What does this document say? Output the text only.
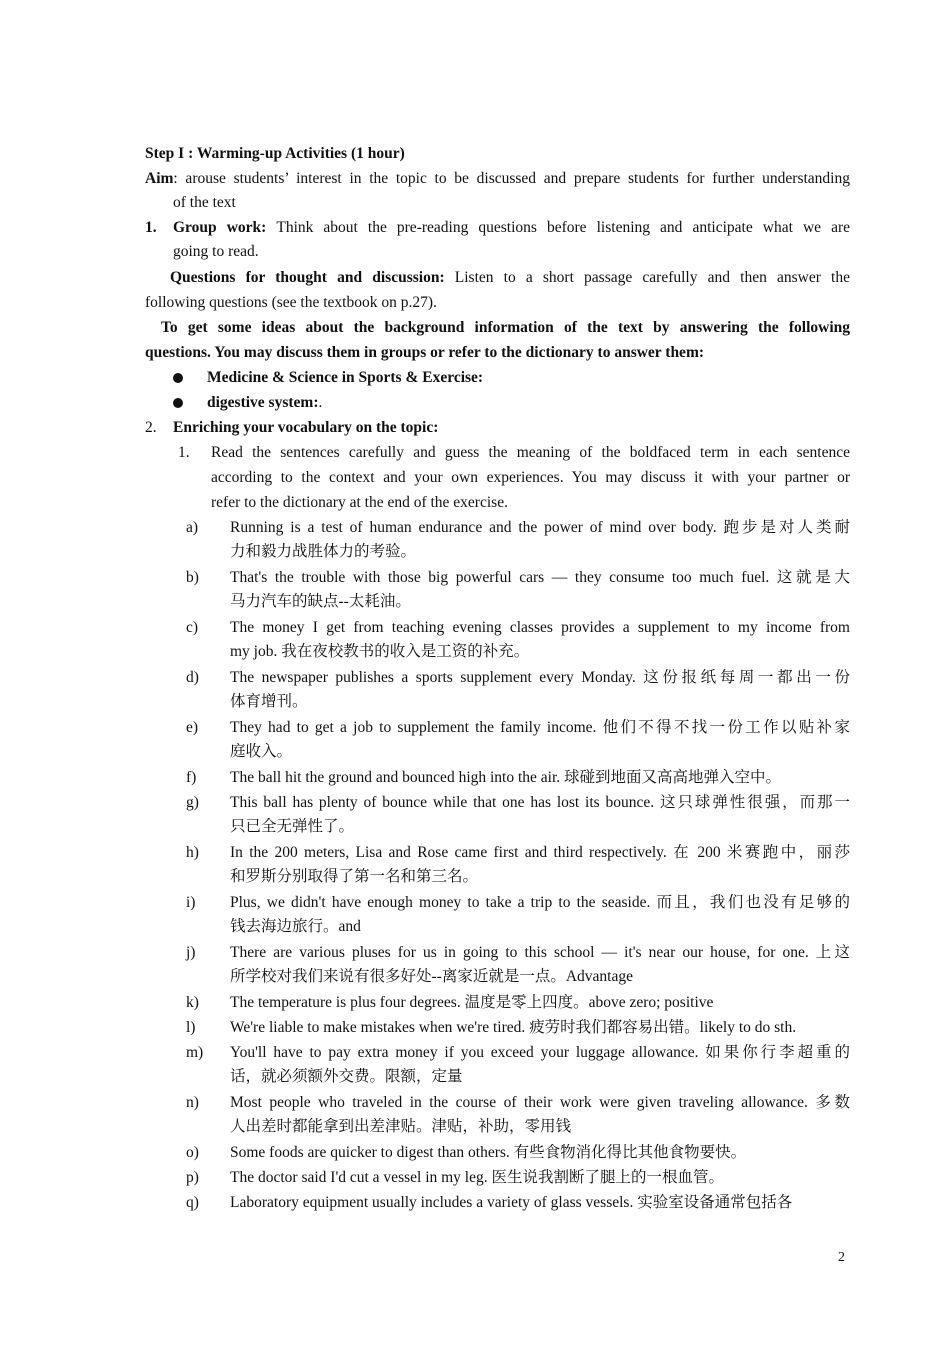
Step I : Warming-up Activities (1 hour)
Aim: arouse students’ interest in the topic to be discussed and prepare students for further understanding
of the text
1. Group work: Think about the pre-reading questions before listening and anticipate what we are
going to read.
Questions for thought and discussion: Listen to a short passage carefully and then answer the
following questions (see the textbook on p.27).
To get some ideas about the background information of the text by answering the following
questions. You may discuss them in groups or refer to the dictionary to answer them:
Medicine & Science in Sports & Exercise:
digestive system:.
2. Enriching your vocabulary on the topic:
1. Read the sentences carefully and guess the meaning of the boldfaced term in each sentence
according to the context and your own experiences. You may discuss it with your partner or
refer to the dictionary at the end of the exercise.
a) Running is a test of human endurance and the power of mind over body. 跑步是对人类耐
力和毅力战胜体力的考验。
b) That's the trouble with those big powerful cars — they consume too much fuel. 这就是大
马力汽车的缺点--太耗油。
c) The money I get from teaching evening classes provides a supplement to my income from
my job. 我在夜校教书的收入是工资的补充。
d) The newspaper publishes a sports supplement every Monday. 这份报纸每周一都出一份
体育增刊。
e) They had to get a job to supplement the family income. 他们不得不找一份工作以贴补家
庭收入。
f) The ball hit the ground and bounced high into the air. 球碰到地面又高高地弹入空中。
g) This ball has plenty of bounce while that one has lost its bounce. 这只球弹性很强，而那一
只已全无弹性了。
h) In the 200 meters, Lisa and Rose came first and third respectively. 在 200 米赛跑中，丽莎
和罗斯分别取得了第一名和第三名。
i) Plus, we didn't have enough money to take a trip to the seaside. 而且，我们也没有足够的
钱去海边旅行。and
j) There are various pluses for us in going to this school — it's near our house, for one. 上这
所学校对我们来说有很多好处--离家近就是一点。Advantage
k) The temperature is plus four degrees. 温度是零上四度。above zero; positive
l) We're liable to make mistakes when we're tired. 疲劳时我们都容易出错。likely to do sth.
m) You'll have to pay extra money if you exceed your luggage allowance. 如果你行李超重的
话，就必须额外交费。限额，定量
n) Most people who traveled in the course of their work were given traveling allowance. 多数
人出差时都能拿到出差津贴。津贴，补助，零用钱
o) Some foods are quicker to digest than others. 有些食物消化得比其他食物要快。
p) The doctor said I'd cut a vessel in my leg. 医生说我割断了腿上的一根血管。
q) Laboratory equipment usually includes a variety of glass vessels. 实验室设备通常包括各
2
